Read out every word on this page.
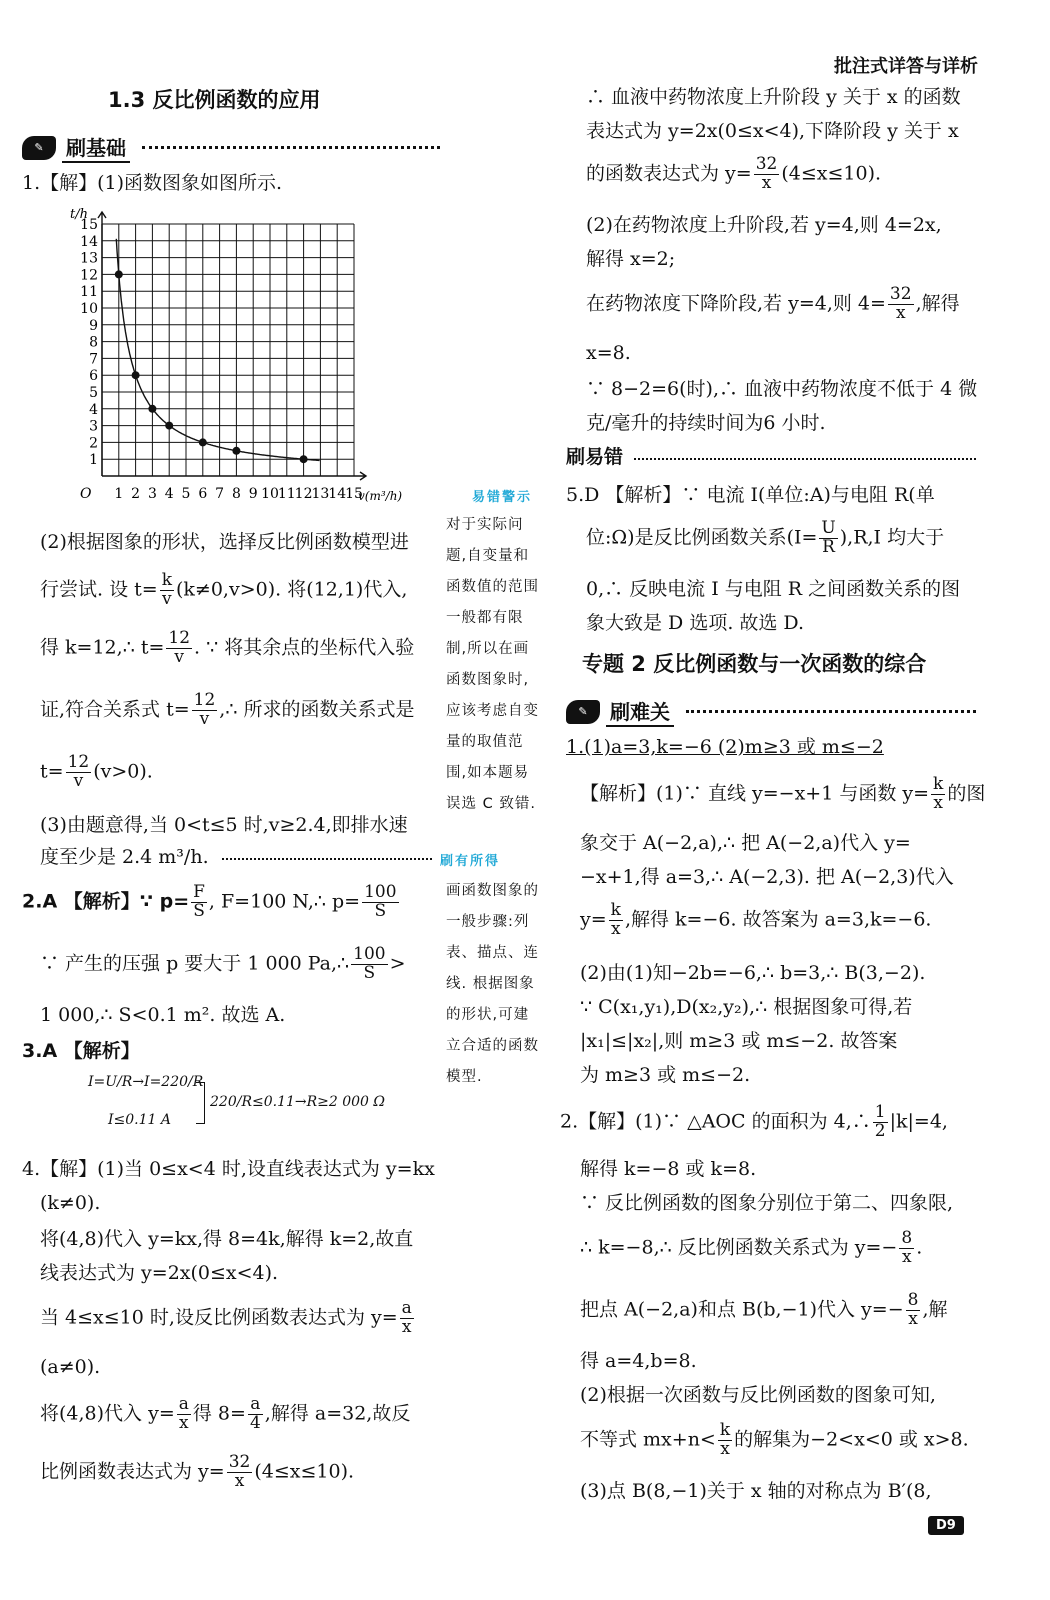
批注式详答与详析
1.3 反比例函数的应用
✎	刷基础
1.【解】(1)函数图象如图所示.
15
14
13
12
11
10
9
8
7
6
5
4
3
2
1
1 2 3 4 5 6 7 8 9 10
11
12
13
14
15
t/h
v(m³/h)
O
(2)根据图象的形状，选择反比例函数模型进
行尝试. 设 $t= \frac{k}{v} (k\ne 0,v>0)$. 将(12,1)代入,
得 k=12,∴ $t= \frac{12}{v}$ . ∵ 将其余点的坐标代入验
证,符合关系式 $t= \frac{12}{v}$ ,∴ 所求的函数关系式是
$t= \frac{12}{v} (v>0)$.
(3)由题意得,当 0<t≤5 时,v≥2.4,即排水速
度至少是 2.4 m³/h.
2.A 【解析】∵ $p= \frac{F}{S}$ , F=100 N,∴ $p= \frac{100}{S}$
∵ 产生的压强 p 要大于 1 000 Pa,∴ $\frac{100}{S}$ >
1 000,∴ S<0.1 m². 故选 A.
3.A 【解析】
I=U/R→I=220/R
I≤0.11 A
220/R≤0.11→R≥2 000 Ω
4.【解】(1)当 0≤x<4 时,设直线表达式为 y=kx
(k≠0).
将(4,8)代入 y=kx,得 8=4k,解得 k=2,故直
线表达式为 y=2x(0≤x<4).
当 4≤x≤10 时,设反比例函数表达式为 $y= \frac{a}{x}$
(a≠0).
将(4,8)代入 $y= \frac{a}{x}$ 得 $8= \frac{a}{4}$ ,解得 a=32,故反
比例函数表达式为 $y= \frac{32}{x} (4\le x\le 10)$.
易错警示
对于实际问
题,自变量和
函数值的范围
一般都有限
制,所以在画
函数图象时,
应该考虑自变
量的取值范
围,如本题易
误选 C 致错.
刷有所得
画函数图象的
一般步骤:列
表、描点、连
线. 根据图象
的形状,可建
立合适的函数
模型.
∴ 血液中药物浓度上升阶段 y 关于 x 的函数
表达式为 y=2x(0≤x<4),下降阶段 y 关于 x
的函数表达式为 $y= \frac{32}{x} (4\le x\le 10)$.
(2)在药物浓度上升阶段,若 y=4,则 4=2x,
解得 x=2;
在药物浓度下降阶段,若 y=4,则 $4= \frac{32}{x}$ ,解得
x=8.
∵ 8−2=6(时),∴ 血液中药物浓度不低于 4 微
克/毫升的持续时间为6 小时.
刷易错
5.D 【解析】∵ 电流 I(单位:A)与电阻 R(单
位:Ω)是反比例函数关系$(I= \frac{U}{R} ),R,I$ 均大于
0,∴ 反映电流 I 与电阻 R 之间函数关系的图
象大致是 D 选项. 故选 D.
专题 2 反比例函数与一次函数的综合
✎	刷难关
1.(1)a=3,k=−6 (2)m≥3 或 m≤−2
【解析】(1)∵ 直线 y=−x+1 与函数 $y= \frac{k}{x}$ 的图
象交于 A(−2,a),∴ 把 A(−2,a)代入 y=
−x+1,得 a=3,∴ A(−2,3). 把 A(−2,3)代入
$y= \frac{k}{x}$ ,解得 k=−6. 故答案为 a=3,k=−6.
(2)由(1)知−2b=−6,∴ b=3,∴ B(3,−2).
∵ C(x₁,y₁),D(x₂,y₂),∴ 根据图象可得,若
|x₁|≤|x₂|,则 m≥3 或 m≤−2. 故答案
为 m≥3 或 m≤−2.
2.【解】(1)∵ △AOC 的面积为 4,∴ $\frac{1}{2} |k|=4$,
解得 k=−8 或 k=8.
∵ 反比例函数的图象分别位于第二、四象限,
∴ k=−8,∴ 反比例函数关系式为 $y=- \frac{8}{x}$ .
把点 A(−2,a)和点 B(b,−1)代入 $y=- \frac{8}{x}$ ,解
得 a=4,b=8.
(2)根据一次函数与反比例函数的图象可知,
不等式 $mx+n< \frac{k}{x}$ 的解集为−2<x<0 或 x>8.
(3)点 B(8,−1)关于 x 轴的对称点为 B′(8,
D9
